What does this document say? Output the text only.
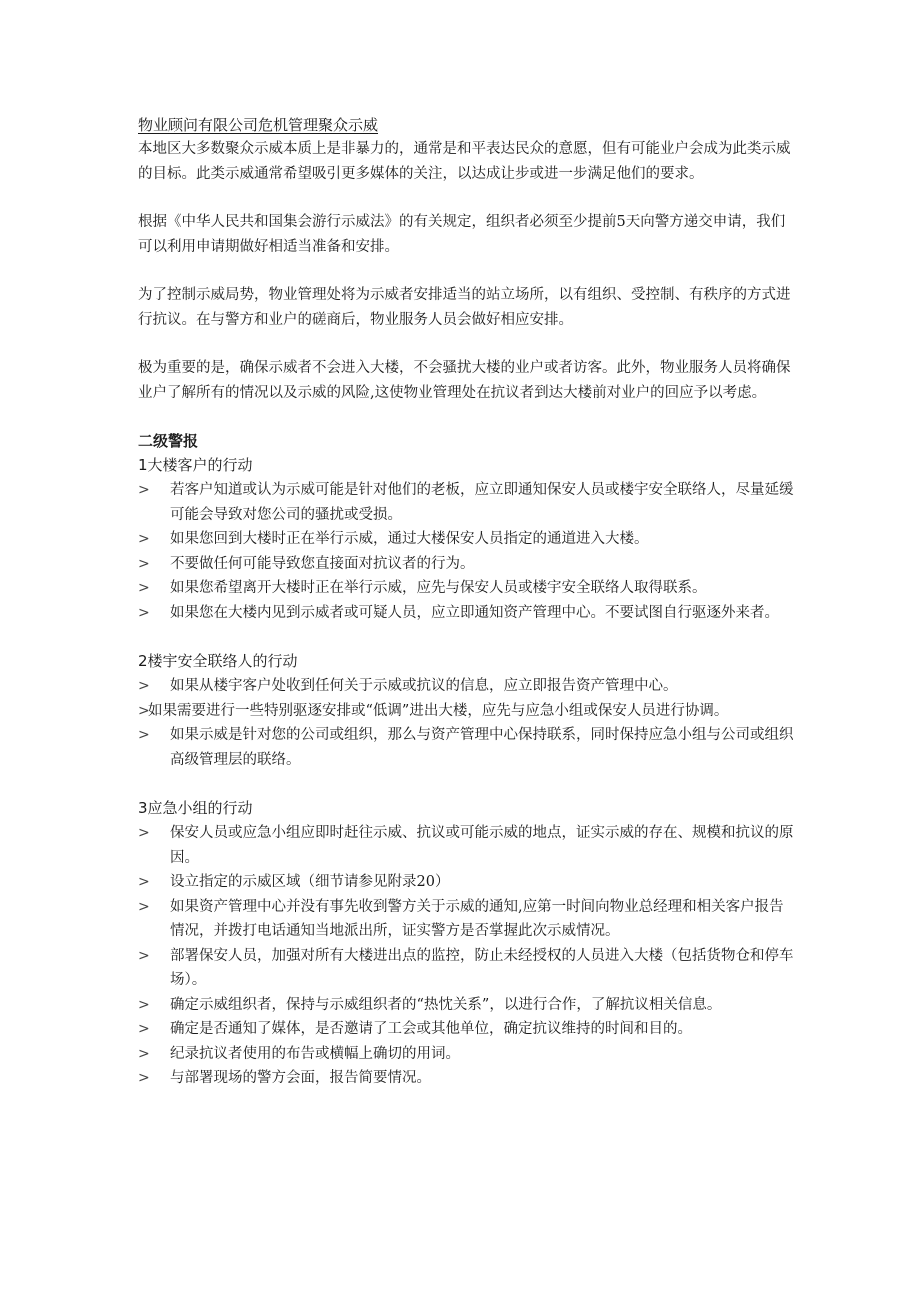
物业顾问有限公司危机管理聚众示威

本地区大多数聚众示威本质上是非暴力的，通常是和平表达民众的意愿，但有可能业户会成为此类示威的目标。此类示威通常希望吸引更多媒体的关注，以达成让步或进一步满足他们的要求。

根据《中华人民共和国集会游行示威法》的有关规定，组织者必须至少提前5天向警方递交申请，我们可以利用申请期做好相适当准备和安排。

为了控制示威局势，物业管理处将为示威者安排适当的站立场所，以有组织、受控制、有秩序的方式进行抗议。在与警方和业户的磋商后，物业服务人员会做好相应安排。

极为重要的是，确保示威者不会进入大楼，不会骚扰大楼的业户或者访客。此外，物业服务人员将确保业户了解所有的情况以及示威的风险,这使物业管理处在抗议者到达大楼前对业户的回应予以考虑。

二级警报

1大楼客户的行动

> 若客户知道或认为示威可能是针对他们的老板，应立即通知保安人员或楼宇安全联络人，尽量延缓可能会导致对您公司的骚扰或受损。
> 如果您回到大楼时正在举行示威，通过大楼保安人员指定的通道进入大楼。
> 不要做任何可能导致您直接面对抗议者的行为。
> 如果您希望离开大楼时正在举行示威，应先与保安人员或楼宇安全联络人取得联系。
> 如果您在大楼内见到示威者或可疑人员，应立即通知资产管理中心。不要试图自行驱逐外来者。

2楼宇安全联络人的行动

> 如果从楼宇客户处收到任何关于示威或抗议的信息，应立即报告资产管理中心。
>
如果需要进行一些特别驱逐安排或“低调”进出大楼，应先与应急小组或保安人员进行协调。
> 如果示威是针对您的公司或组织，那么与资产管理中心保持联系，同时保持应急小组与公司或组织高级管理层的联络。

3应急小组的行动

> 保安人员或应急小组应即时赶往示威、抗议或可能示威的地点，证实示威的存在、规模和抗议的原因。
> 设立指定的示威区域（细节请参见附录20）
> 如果资产管理中心并没有事先收到警方关于示威的通知,应第一时间向物业总经理和相关客户报告情况，并拨打电话通知当地派出所，证实警方是否掌握此次示威情况。
> 部署保安人员，加强对所有大楼进出点的监控，防止未经授权的人员进入大楼（包括货物仓和停车场）。
> 确定示威组织者，保持与示威组织者的“热忱关系”，以进行合作，了解抗议相关信息。
> 确定是否通知了媒体，是否邀请了工会或其他单位，确定抗议维持的时间和目的。
> 纪录抗议者使用的布告或横幅上确切的用词。
> 与部署现场的警方会面，报告简要情况。
